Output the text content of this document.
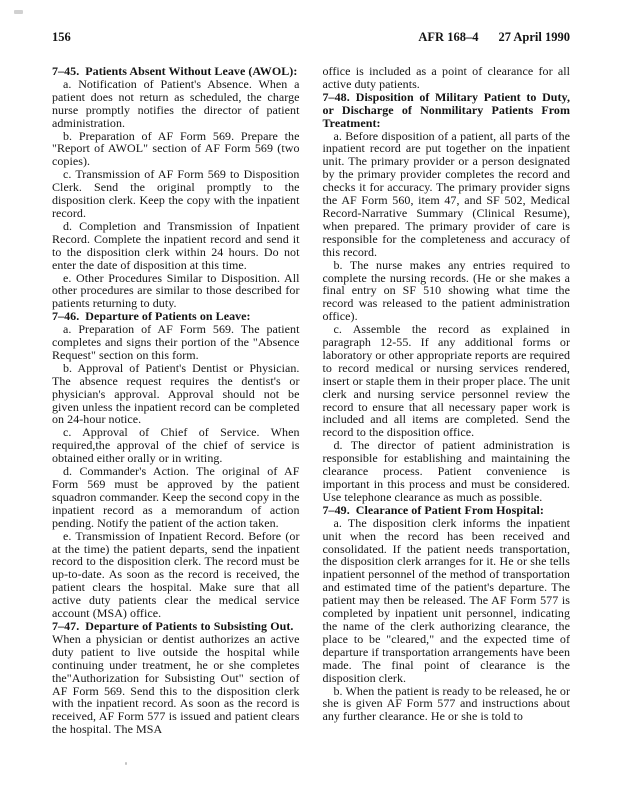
156	AFR 168–4 27 April 1990

7–45. Patients Absent Without Leave (AWOL):

a. Notification of Patient's Absence. When a patient does not return as scheduled, the charge nurse promptly notifies the director of patient administration.

b. Preparation of AF Form 569. Prepare the "Report of AWOL" section of AF Form 569 (two copies).

c. Transmission of AF Form 569 to Disposition Clerk. Send the original promptly to the disposition clerk. Keep the copy with the inpatient record.

d. Completion and Transmission of Inpatient Record. Complete the inpatient record and send it to the disposition clerk within 24 hours. Do not enter the date of disposition at this time.

e. Other Procedures Similar to Disposition. All other procedures are similar to those described for patients returning to duty.

7–46. Departure of Patients on Leave:

a. Preparation of AF Form 569. The patient completes and signs their portion of the "Absence Request" section on this form.

b. Approval of Patient's Dentist or Physician. The absence request requires the dentist's or physician's approval. Approval should not be given unless the inpatient record can be completed on 24-hour notice.

c. Approval of Chief of Service. When required,the approval of the chief of service is obtained either orally or in writing.

d. Commander's Action. The original of AF Form 569 must be approved by the patient squadron commander. Keep the second copy in the inpatient record as a memorandum of action pending. Notify the patient of the action taken.

e. Transmission of Inpatient Record. Before (or at the time) the patient departs, send the inpatient record to the disposition clerk. The record must be up-to-date. As soon as the record is received, the patient clears the hospital. Make sure that all active duty patients clear the medical service account (MSA) office.

7–47. Departure of Patients to Subsisting Out. When a physician or dentist authorizes an active duty patient to live outside the hospital while continuing under treatment, he or she completes the"Authorization for Subsisting Out" section of AF Form 569. Send this to the disposition clerk with the inpatient record. As soon as the record is received, AF Form 577 is issued and patient clears the hospital. The MSA

office is included as a point of clearance for all active duty patients.

7–48. Disposition of Military Patient to Duty, or Discharge of Nonmilitary Patients From Treatment:

a. Before disposition of a patient, all parts of the inpatient record are put together on the inpatient unit. The primary provider or a person designated by the primary provider completes the record and checks it for accuracy. The primary provider signs the AF Form 560, item 47, and SF 502, Medical Record-Narrative Summary (Clinical Resume), when prepared. The primary provider of care is responsible for the completeness and accuracy of this record.

b. The nurse makes any entries required to complete the nursing records. (He or she makes a final entry on SF 510 showing what time the record was released to the patient administration office).

c. Assemble the record as explained in paragraph 12-55. If any additional forms or laboratory or other appropriate reports are required to record medical or nursing services rendered, insert or staple them in their proper place. The unit clerk and nursing service personnel review the record to ensure that all necessary paper work is included and all items are completed. Send the record to the disposition office.

d. The director of patient administration is responsible for establishing and maintaining the clearance process. Patient convenience is important in this process and must be considered. Use telephone clearance as much as possible.

7–49. Clearance of Patient From Hospital:

a. The disposition clerk informs the inpatient unit when the record has been received and consolidated. If the patient needs transportation, the disposition clerk arranges for it. He or she tells inpatient personnel of the method of transportation and estimated time of the patient's departure. The patient may then be released. The AF Form 577 is completed by inpatient unit personnel, indicating the name of the clerk authorizing clearance, the place to be "cleared," and the expected time of departure if transportation arrangements have been made. The final point of clearance is the disposition clerk.

b. When the patient is ready to be released, he or she is given AF Form 577 and instructions about any further clearance. He or she is told to
